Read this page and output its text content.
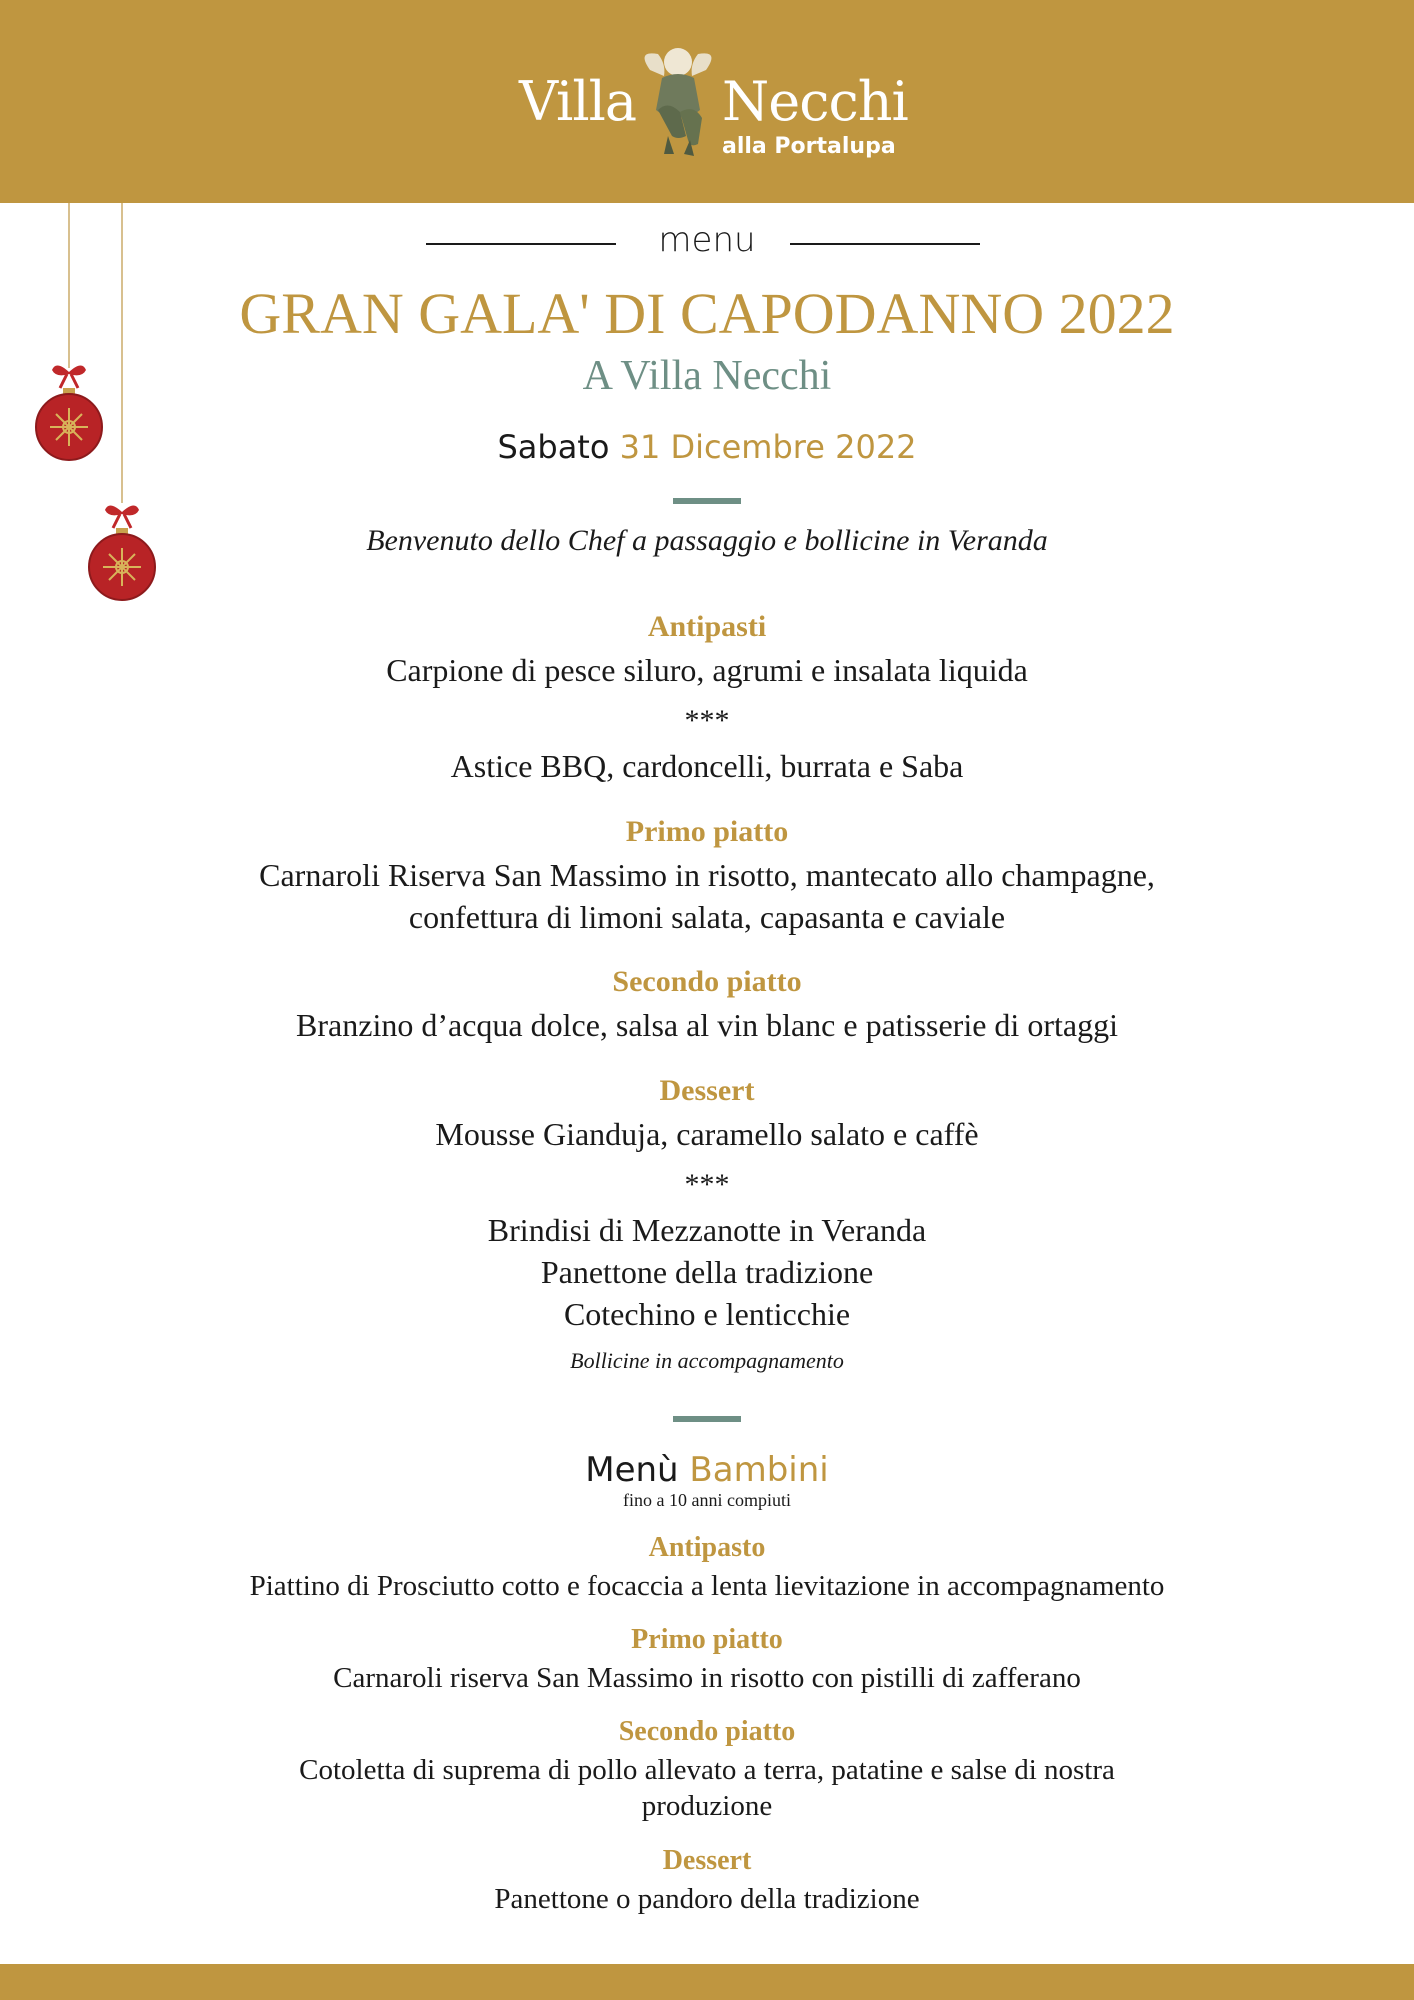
Villa Necchi
alla Portalupa
menu
GRAN GALA' DI CAPODANNO 2022
A Villa Necchi
Sabato 31 Dicembre 2022
Benvenuto dello Chef a passaggio e bollicine in Veranda
Antipasti
Carpione di pesce siluro, agrumi e insalata liquida
***
Astice BBQ, cardoncelli, burrata e Saba
Primo piatto
Carnaroli Riserva San Massimo in risotto, mantecato allo champagne,
confettura di limoni salata, capasanta e caviale
Secondo piatto
Branzino d’acqua dolce, salsa al vin blanc e patisserie di ortaggi
Dessert
Mousse Gianduja, caramello salato e caffè
***
Brindisi di Mezzanotte in Veranda
Panettone della tradizione
Cotechino e lenticchie
Bollicine in accompagnamento
Menù Bambini
fino a 10 anni compiuti
Antipasto
Piattino di Prosciutto cotto e focaccia a lenta lievitazione in accompagnamento
Primo piatto
Carnaroli riserva San Massimo in risotto con pistilli di zafferano
Secondo piatto
Cotoletta di suprema di pollo allevato a terra, patatine e salse di nostra
produzione
Dessert
Panettone o pandoro della tradizione
